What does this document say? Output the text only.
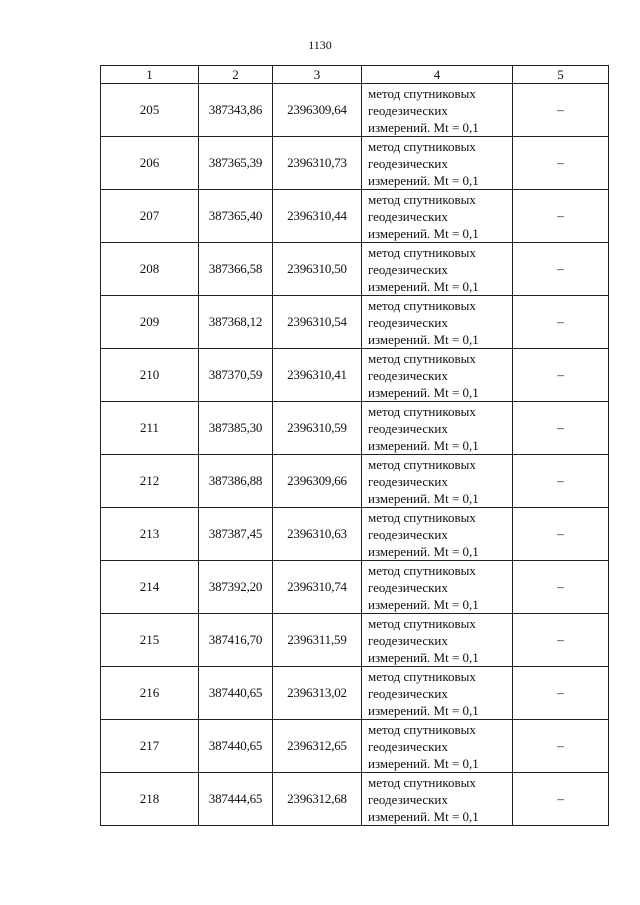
1130
1	2	3	4	5
205	387343,86	2396309,64	метод спутниковых
геодезических
измерений. Mt = 0,1	–
206	387365,39	2396310,73	метод спутниковых
геодезических
измерений. Mt = 0,1	–
207	387365,40	2396310,44	метод спутниковых
геодезических
измерений. Mt = 0,1	–
208	387366,58	2396310,50	метод спутниковых
геодезических
измерений. Mt = 0,1	–
209	387368,12	2396310,54	метод спутниковых
геодезических
измерений. Mt = 0,1	–
210	387370,59	2396310,41	метод спутниковых
геодезических
измерений. Mt = 0,1	–
211	387385,30	2396310,59	метод спутниковых
геодезических
измерений. Mt = 0,1	–
212	387386,88	2396309,66	метод спутниковых
геодезических
измерений. Mt = 0,1	–
213	387387,45	2396310,63	метод спутниковых
геодезических
измерений. Mt = 0,1	–
214	387392,20	2396310,74	метод спутниковых
геодезических
измерений. Mt = 0,1	–
215	387416,70	2396311,59	метод спутниковых
геодезических
измерений. Mt = 0,1	–
216	387440,65	2396313,02	метод спутниковых
геодезических
измерений. Mt = 0,1	–
217	387440,65	2396312,65	метод спутниковых
геодезических
измерений. Mt = 0,1	–
218	387444,65	2396312,68	метод спутниковых
геодезических
измерений. Mt = 0,1	–
